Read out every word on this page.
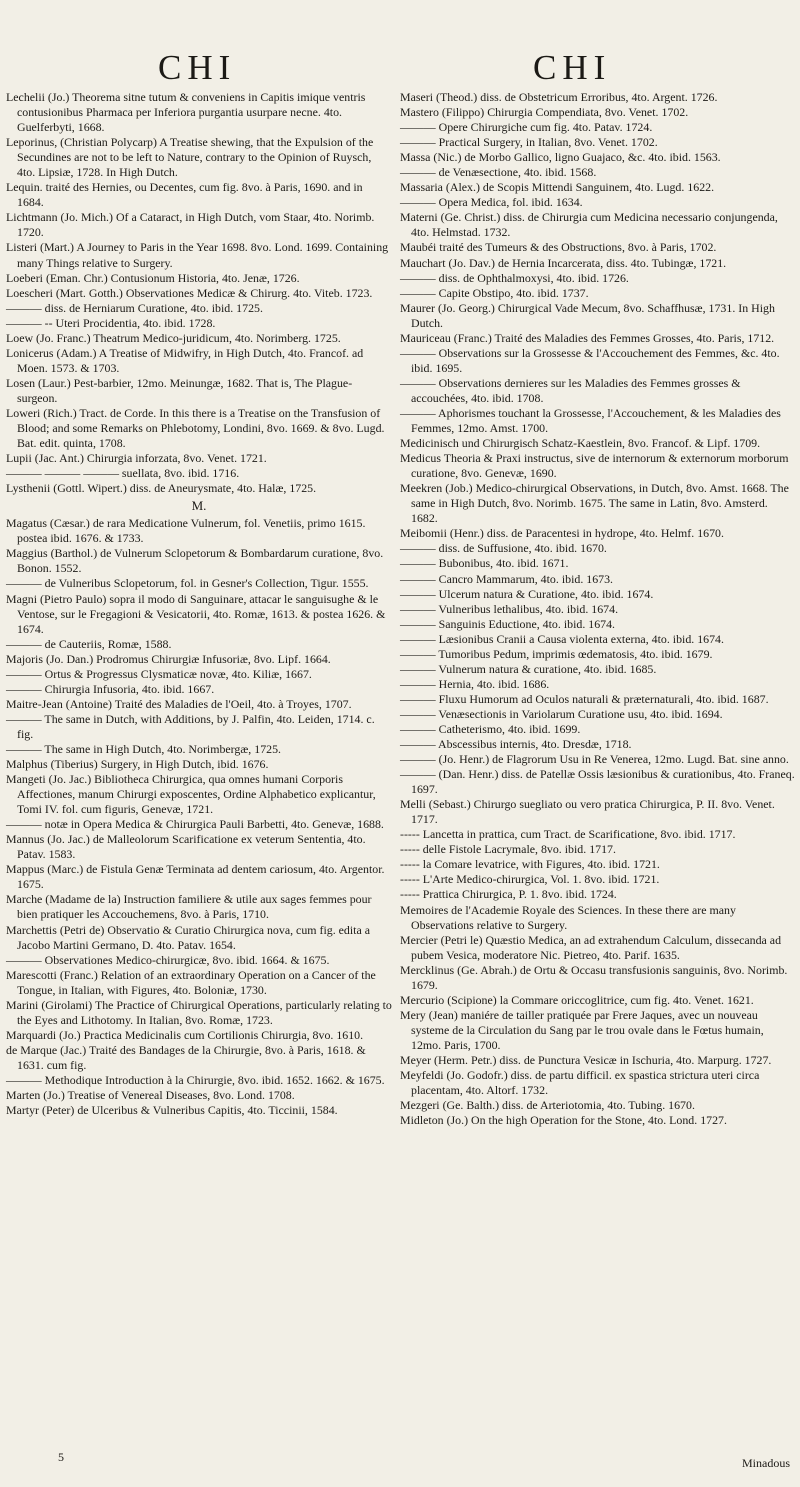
CHI	CHI
Lechelii (Jo.) Theorema sitne tutum & conveniens in Capitis imique ventris contusionibus Pharmaca per Inferiora purgantia usurpare necne. 4to. Guelferbyti, 1668.
Leporinus, (Christian Polycarp) A Treatise shewing, that the Expulsion of the Secundines are not to be left to Nature, contrary to the Opinion of Ruysch, 4to. Lipsiæ, 1728. In High Dutch.
Lequin. traité des Hernies, ou Decentes, cum fig. 8vo. à Paris, 1690. and in 1684.
Lichtmann (Jo. Mich.) Of a Cataract, in High Dutch, vom Staar, 4to. Norimb. 1720.
Listeri (Mart.) A Journey to Paris in the Year 1698. 8vo. Lond. 1699. Containing many Things relative to Surgery.
Loeberi (Eman. Chr.) Contusionum Historia, 4to. Jenæ, 1726.
Loescheri (Mart. Gotth.) Observationes Medicæ & Chirurg. 4to. Viteb. 1723.
——— diss. de Herniarum Curatione, 4to. ibid. 1725.
——— -- Uteri Procidentia, 4to. ibid. 1728.
Loew (Jo. Franc.) Theatrum Medico-juridicum, 4to. Norimberg. 1725.
Lonicerus (Adam.) A Treatise of Midwifry, in High Dutch, 4to. Francof. ad Moen. 1573. & 1703.
Losen (Laur.) Pest-barbier, 12mo. Meinungæ, 1682. That is, The Plague-surgeon.
Loweri (Rich.) Tract. de Corde. In this there is a Treatise on the Transfusion of Blood; and some Remarks on Phlebotomy, Londini, 8vo. 1669. & 8vo. Lugd. Bat. edit. quinta, 1708.
Lupii (Jac. Ant.) Chirurgia inforzata, 8vo. Venet. 1721.
——— ——— ——— suellata, 8vo. ibid. 1716.
Lysthenii (Gottl. Wipert.) diss. de Aneurysmate, 4to. Halæ, 1725.
M.
Magatus (Cæsar.) de rara Medicatione Vulnerum, fol. Venetiis, primo 1615. postea ibid. 1676. & 1733.
Maggius (Barthol.) de Vulnerum Sclopetorum & Bombardarum curatione, 8vo. Bonon. 1552.
——— de Vulneribus Sclopetorum, fol. in Gesner's Collection, Tigur. 1555.
Magni (Pietro Paulo) sopra il modo di Sanguinare, attacar le sanguisughe & le Ventose, sur le Fregagioni & Vesicatorii, 4to. Romæ, 1613. & postea 1626. & 1674.
——— de Cauteriis, Romæ, 1588.
Majoris (Jo. Dan.) Prodromus Chirurgiæ Infusoriæ, 8vo. Lipf. 1664.
——— Ortus & Progressus Clysmaticæ novæ, 4to. Kiliæ, 1667.
——— Chirurgia Infusoria, 4to. ibid. 1667.
Maitre-Jean (Antoine) Traité des Maladies de l'Oeil, 4to. à Troyes, 1707.
——— The same in Dutch, with Additions, by J. Palfin, 4to. Leiden, 1714. c. fig.
——— The same in High Dutch, 4to. Norimbergæ, 1725.
Malphus (Tiberius) Surgery, in High Dutch, ibid. 1676.
Mangeti (Jo. Jac.) Bibliotheca Chirurgica, qua omnes humani Corporis Affectiones, manum Chirurgi exposcentes, Ordine Alphabetico explicantur, Tomi IV. fol. cum figuris, Genevæ, 1721.
——— notæ in Opera Medica & Chirurgica Pauli Barbetti, 4to. Genevæ, 1688.
Mannus (Jo. Jac.) de Malleolorum Scarificatione ex veterum Sententia, 4to. Patav. 1583.
Mappus (Marc.) de Fistula Genæ Terminata ad dentem cariosum, 4to. Argentor. 1675.
Marche (Madame de la) Instruction familiere & utile aux sages femmes pour bien pratiquer les Accouchemens, 8vo. à Paris, 1710.
Marchettis (Petri de) Observatio & Curatio Chirurgica nova, cum fig. edita a Jacobo Martini Germano, D. 4to. Patav. 1654.
——— Observationes Medico-chirurgicæ, 8vo. ibid. 1664. & 1675.
Marescotti (Franc.) Relation of an extraordinary Operation on a Cancer of the Tongue, in Italian, with Figures, 4to. Boloniæ, 1730.
Marini (Girolami) The Practice of Chirurgical Operations, particularly relating to the Eyes and Lithotomy. In Italian, 8vo. Romæ, 1723.
Marquardi (Jo.) Practica Medicinalis cum Cortilionis Chirurgia, 8vo. 1610.
de Marque (Jac.) Traité des Bandages de la Chirurgie, 8vo. à Paris, 1618. & 1631. cum fig.
——— Methodique Introduction à la Chirurgie, 8vo. ibid. 1652. 1662. & 1675.
Marten (Jo.) Treatise of Venereal Diseases, 8vo. Lond. 1708.
Martyr (Peter) de Ulceribus & Vulneribus Capitis, 4to. Ticcinii, 1584.
Maseri (Theod.) diss. de Obstetricum Erroribus, 4to. Argent. 1726.
Mastero (Filippo) Chirurgia Compendiata, 8vo. Venet. 1702.
——— Opere Chirurgiche cum fig. 4to. Patav. 1724.
——— Practical Surgery, in Italian, 8vo. Venet. 1702.
Massa (Nic.) de Morbo Gallico, ligno Guajaco, &c. 4to. ibid. 1563.
——— de Venæsectione, 4to. ibid. 1568.
Massaria (Alex.) de Scopis Mittendi Sanguinem, 4to. Lugd. 1622.
——— Opera Medica, fol. ibid. 1634.
Materni (Ge. Christ.) diss. de Chirurgia cum Medicina necessario conjungenda, 4to. Helmstad. 1732.
Maubéi traité des Tumeurs & des Obstructions, 8vo. à Paris, 1702.
Mauchart (Jo. Dav.) de Hernia Incarcerata, diss. 4to. Tubingæ, 1721.
——— diss. de Ophthalmoxysi, 4to. ibid. 1726.
——— Capite Obstipo, 4to. ibid. 1737.
Maurer (Jo. Georg.) Chirurgical Vade Mecum, 8vo. Schaffhusæ, 1731. In High Dutch.
Mauriceau (Franc.) Traité des Maladies des Femmes Grosses, 4to. Paris, 1712.
——— Observations sur la Grossesse & l'Accouchement des Femmes, &c. 4to. ibid. 1695.
——— Observations dernieres sur les Maladies des Femmes grosses & accouchées, 4to. ibid. 1708.
——— Aphorismes touchant la Grossesse, l'Accouchement, & les Maladies des Femmes, 12mo. Amst. 1700.
Medicinisch und Chirurgisch Schatz-Kaestlein, 8vo. Francof. & Lipf. 1709.
Medicus Theoria & Praxi instructus, sive de internorum & externorum morborum curatione, 8vo. Genevæ, 1690.
Meekren (Job.) Medico-chirurgical Observations, in Dutch, 8vo. Amst. 1668. The same in High Dutch, 8vo. Norimb. 1675. The same in Latin, 8vo. Amsterd. 1682.
Meibomii (Henr.) diss. de Paracentesi in hydrope, 4to. Helmf. 1670.
——— diss. de Suffusione, 4to. ibid. 1670.
——— Bubonibus, 4to. ibid. 1671.
——— Cancro Mammarum, 4to. ibid. 1673.
——— Ulcerum natura & Curatione, 4to. ibid. 1674.
——— Vulneribus lethalibus, 4to. ibid. 1674.
——— Sanguinis Eductione, 4to. ibid. 1674.
——— Læsionibus Cranii a Causa violenta externa, 4to. ibid. 1674.
——— Tumoribus Pedum, imprimis œdematosis, 4to. ibid. 1679.
——— Vulnerum natura & curatione, 4to. ibid. 1685.
——— Hernia, 4to. ibid. 1686.
——— Fluxu Humorum ad Oculos naturali & præternaturali, 4to. ibid. 1687.
——— Venæsectionis in Variolarum Curatione usu, 4to. ibid. 1694.
——— Catheterismo, 4to. ibid. 1699.
——— Abscessibus internis, 4to. Dresdæ, 1718.
——— (Jo. Henr.) de Flagrorum Usu in Re Venerea, 12mo. Lugd. Bat. sine anno.
——— (Dan. Henr.) diss. de Patellæ Ossis læsionibus & curationibus, 4to. Franeq. 1697.
Melli (Sebast.) Chirurgo suegliato ou vero pratica Chirurgica, P. II. 8vo. Venet. 1717.
----- Lancetta in prattica, cum Tract. de Scarificatione, 8vo. ibid. 1717.
----- delle Fistole Lacrymale, 8vo. ibid. 1717.
----- la Comare levatrice, with Figures, 4to. ibid. 1721.
----- L'Arte Medico-chirurgica, Vol. 1. 8vo. ibid. 1721.
----- Prattica Chirurgica, P. 1. 8vo. ibid. 1724.
Memoires de l'Academie Royale des Sciences. In these there are many Observations relative to Surgery.
Mercier (Petri le) Quæstio Medica, an ad extrahendum Calculum, dissecanda ad pubem Vesica, moderatore Nic. Pietreo, 4to. Parif. 1635.
Mercklinus (Ge. Abrah.) de Ortu & Occasu transfusionis sanguinis, 8vo. Norimb. 1679.
Mercurio (Scipione) la Commare oriccoglitrice, cum fig. 4to. Venet. 1621.
Mery (Jean) maniére de tailler pratiquée par Frere Jaques, avec un nouveau systeme de la Circulation du Sang par le trou ovale dans le Fœtus humain, 12mo. Paris, 1700.
Meyer (Herm. Petr.) diss. de Punctura Vesicæ in Ischuria, 4to. Marpurg. 1727.
Meyfeldi (Jo. Godofr.) diss. de partu difficil. ex spastica strictura uteri circa placentam, 4to. Altorf. 1732.
Mezgeri (Ge. Balth.) diss. de Arteriotomia, 4to. Tubing. 1670.
Midleton (Jo.) On the high Operation for the Stone, 4to. Lond. 1727.
5	Minadous
